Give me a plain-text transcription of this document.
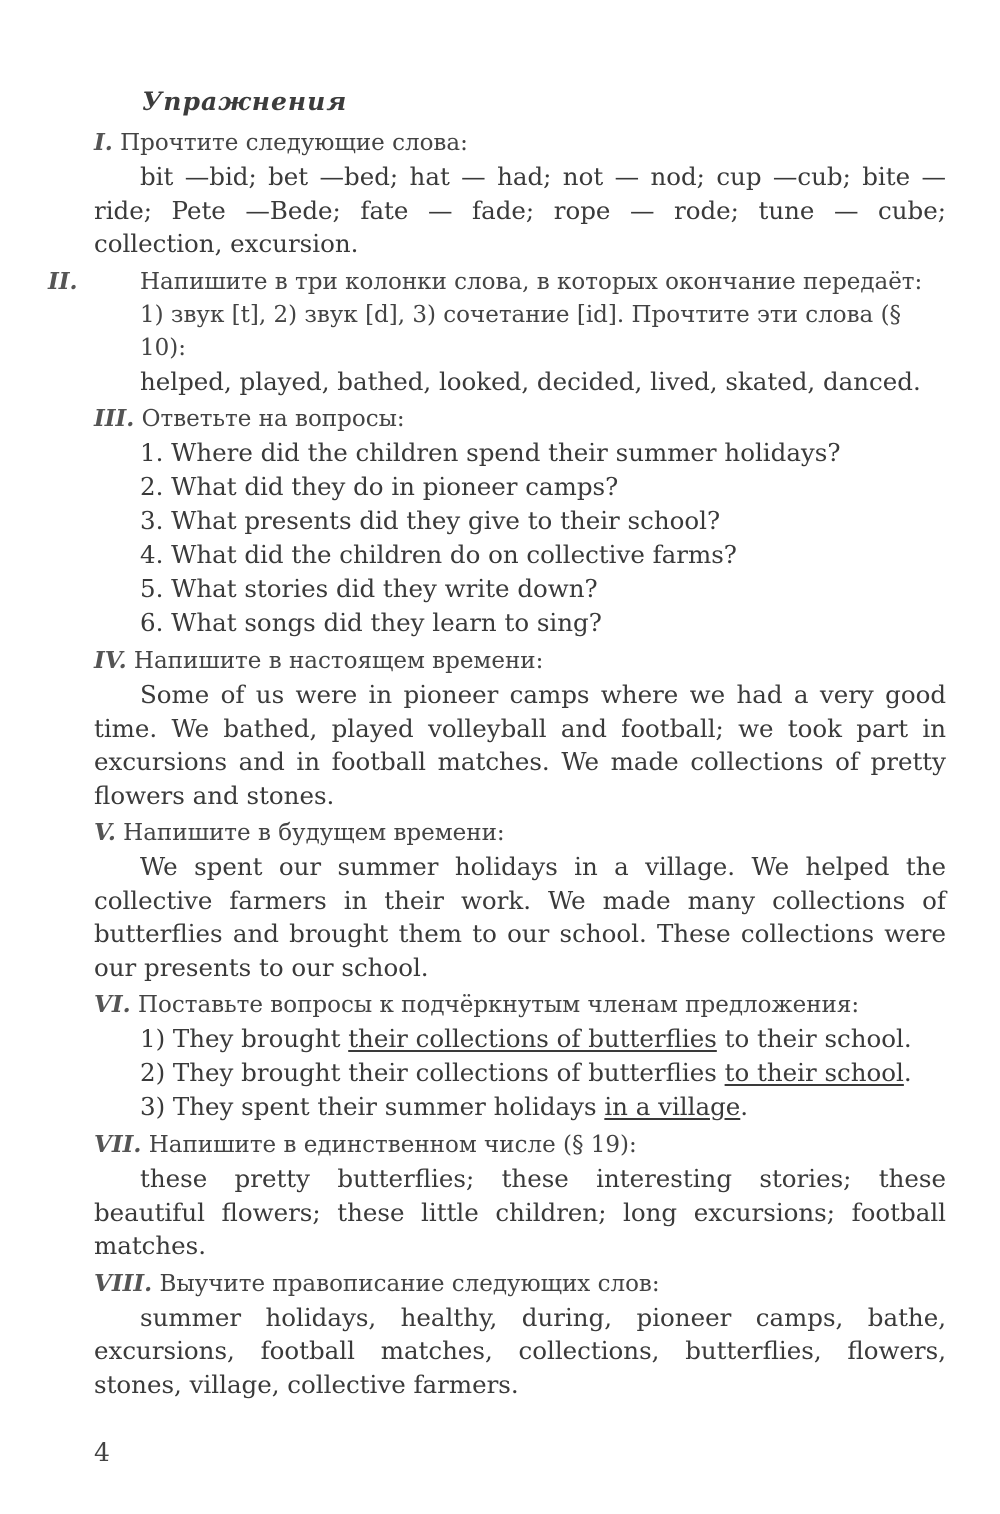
Упражнения
I. Прочтите следующие слова:
bit —bid; bet —bed; hat — had; not — nod; cup —cub; bite — ride; Pete —Bede; fate — fade; rope — rode; tune — cube; collection, excursion.
II.	Напишите в три колонки слова, в которых окончание передаёт: 1) звук [t], 2) звук [d], 3) сочетание [id]. Прочтите эти слова (§ 10):
helped, played, bathed, looked, decided, lived, skated, danced.
III. Ответьте на вопросы:
1. Where did the children spend their summer holidays?
2. What did they do in pioneer camps?
3. What presents did they give to their school?
4. What did the children do on collective farms?
5. What stories did they write down?
6. What songs did they learn to sing?
IV. Напишите в настоящем времени:
Some of us were in pioneer camps where we had a very good time. We bathed, played volleyball and football; we took part in excursions and in football matches. We made collections of pretty flowers and stones.
V. Напишите в будущем времени:
We spent our summer holidays in a village. We helped the collective farmers in their work. We made many collections of butterflies and brought them to our school. These collections were our presents to our school.
VI. Поставьте вопросы к подчёркнутым членам предложения:
1) They brought their collections of butterflies to their school.
2) They brought their collections of butterflies to their school.
3) They spent their summer holidays in a village.
VII. Напишите в единственном числе (§ 19):
these pretty butterflies; these interesting stories; these beautiful flowers; these little children; long excursions; football matches.
VIII. Выучите правописание следующих слов:
summer holidays, healthy, during, pioneer camps, bathe, excursions, football matches, collections, butterflies, flowers, stones, village, collective farmers.
4
